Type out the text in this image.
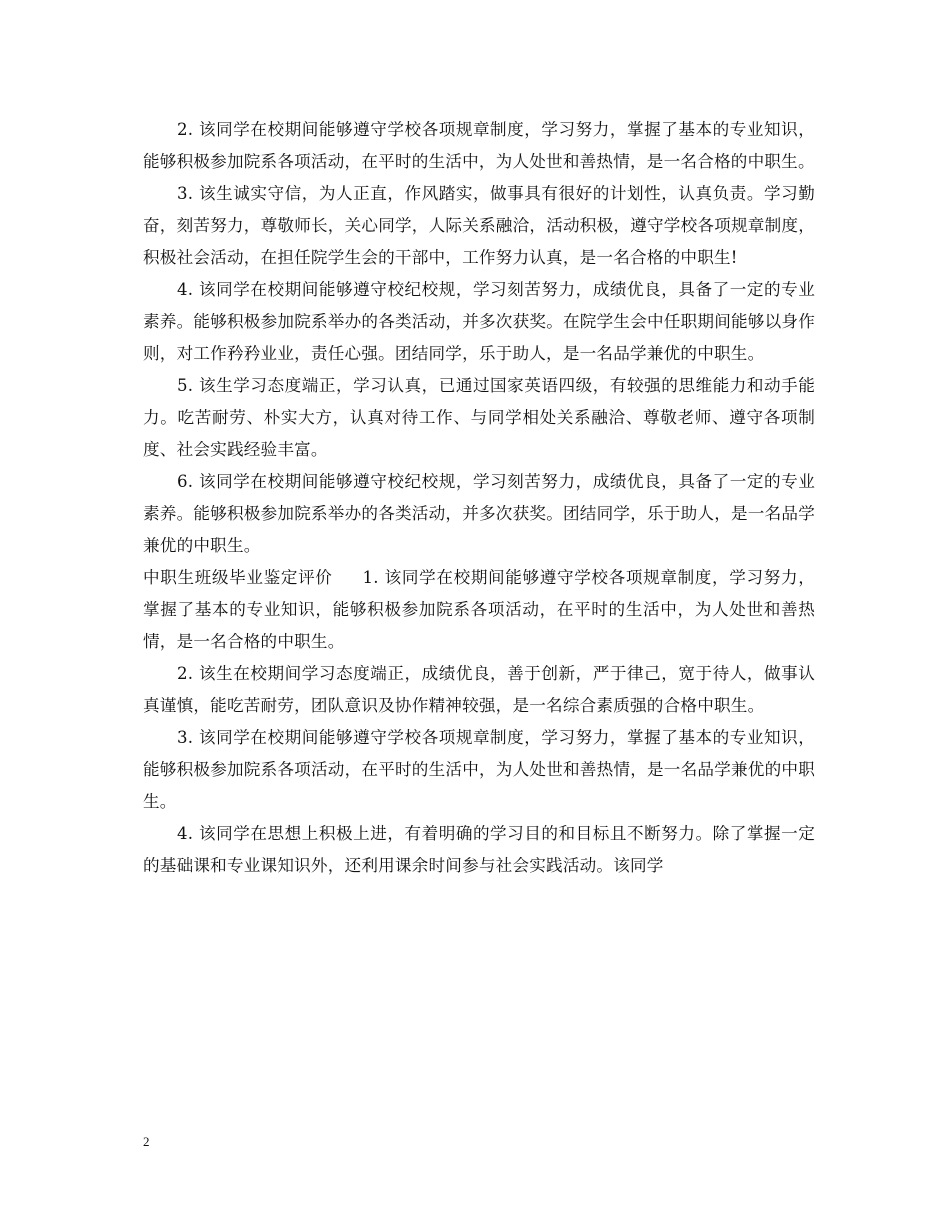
2. 该同学在校期间能够遵守学校各项规章制度，学习努力，掌握了基本的专业知识，能够积极参加院系各项活动，在平时的生活中，为人处世和善热情，是一名合格的中职生。

3. 该生诚实守信，为人正直，作风踏实，做事具有很好的计划性，认真负责。学习勤奋，刻苦努力，尊敬师长，关心同学，人际关系融洽，活动积极，遵守学校各项规章制度，积极社会活动，在担任院学生会的干部中，工作努力认真，是一名合格的中职生!

4. 该同学在校期间能够遵守校纪校规，学习刻苦努力，成绩优良，具备了一定的专业素养。能够积极参加院系举办的各类活动，并多次获奖。在院学生会中任职期间能够以身作则，对工作矜矜业业，责任心强。团结同学，乐于助人，是一名品学兼优的中职生。

5. 该生学习态度端正，学习认真，已通过国家英语四级，有较强的思维能力和动手能力。吃苦耐劳、朴实大方，认真对待工作、与同学相处关系融洽、尊敬老师、遵守各项制度、社会实践经验丰富。

6. 该同学在校期间能够遵守校纪校规，学习刻苦努力，成绩优良，具备了一定的专业素养。能够积极参加院系举办的各类活动，并多次获奖。团结同学，乐于助人，是一名品学兼优的中职生。

中职生班级毕业鉴定评价 1. 该同学在校期间能够遵守学校各项规章制度，学习努力，掌握了基本的专业知识，能够积极参加院系各项活动，在平时的生活中，为人处世和善热情，是一名合格的中职生。

2. 该生在校期间学习态度端正，成绩优良，善于创新，严于律己，宽于待人，做事认真谨慎，能吃苦耐劳，团队意识及协作精神较强，是一名综合素质强的合格中职生。

3. 该同学在校期间能够遵守学校各项规章制度，学习努力，掌握了基本的专业知识，能够积极参加院系各项活动，在平时的生活中，为人处世和善热情，是一名品学兼优的中职生。

4. 该同学在思想上积极上进，有着明确的学习目的和目标且不断努力。除了掌握一定的基础课和专业课知识外，还利用课余时间参与社会实践活动。该同学

2
